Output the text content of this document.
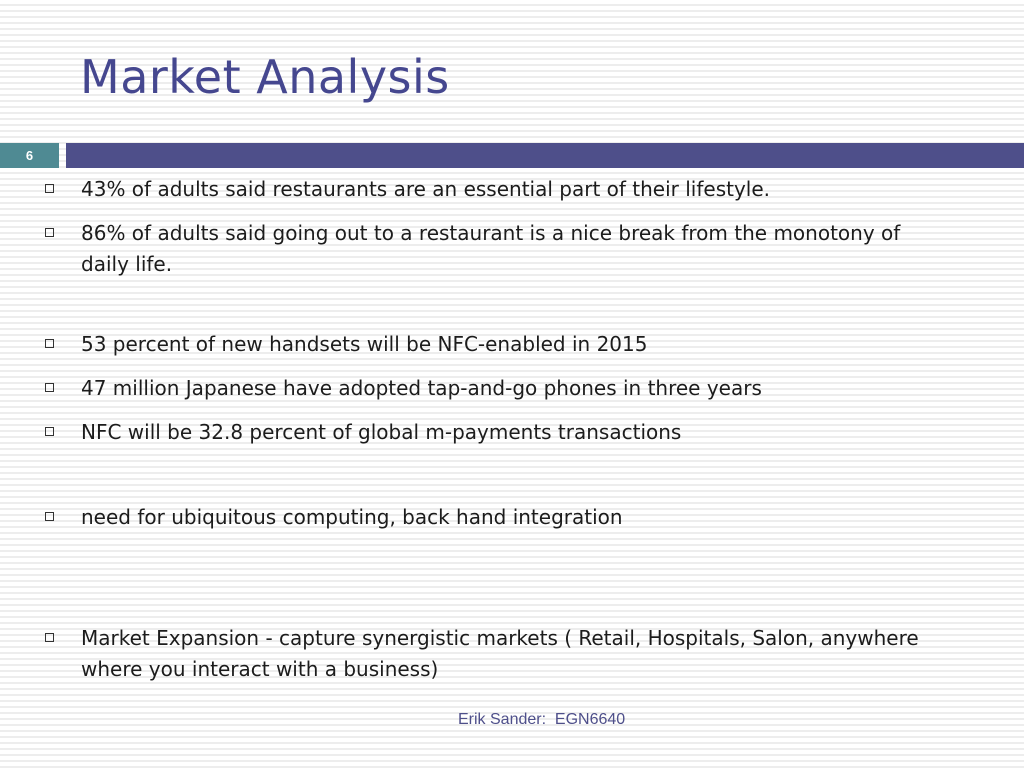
Market Analysis
6
43% of adults said restaurants are an essential part of their lifestyle.
86% of adults said going out to a restaurant is a nice break from the monotony of daily life.
53 percent of new handsets will be NFC-enabled in 2015
47 million Japanese have adopted tap-and-go phones in three years
NFC will be 32.8 percent of global m-payments transactions
need for ubiquitous computing, back hand integration
Market Expansion - capture synergistic markets ( Retail, Hospitals, Salon, anywhere where you interact with a business)
Erik Sander:  EGN6640
